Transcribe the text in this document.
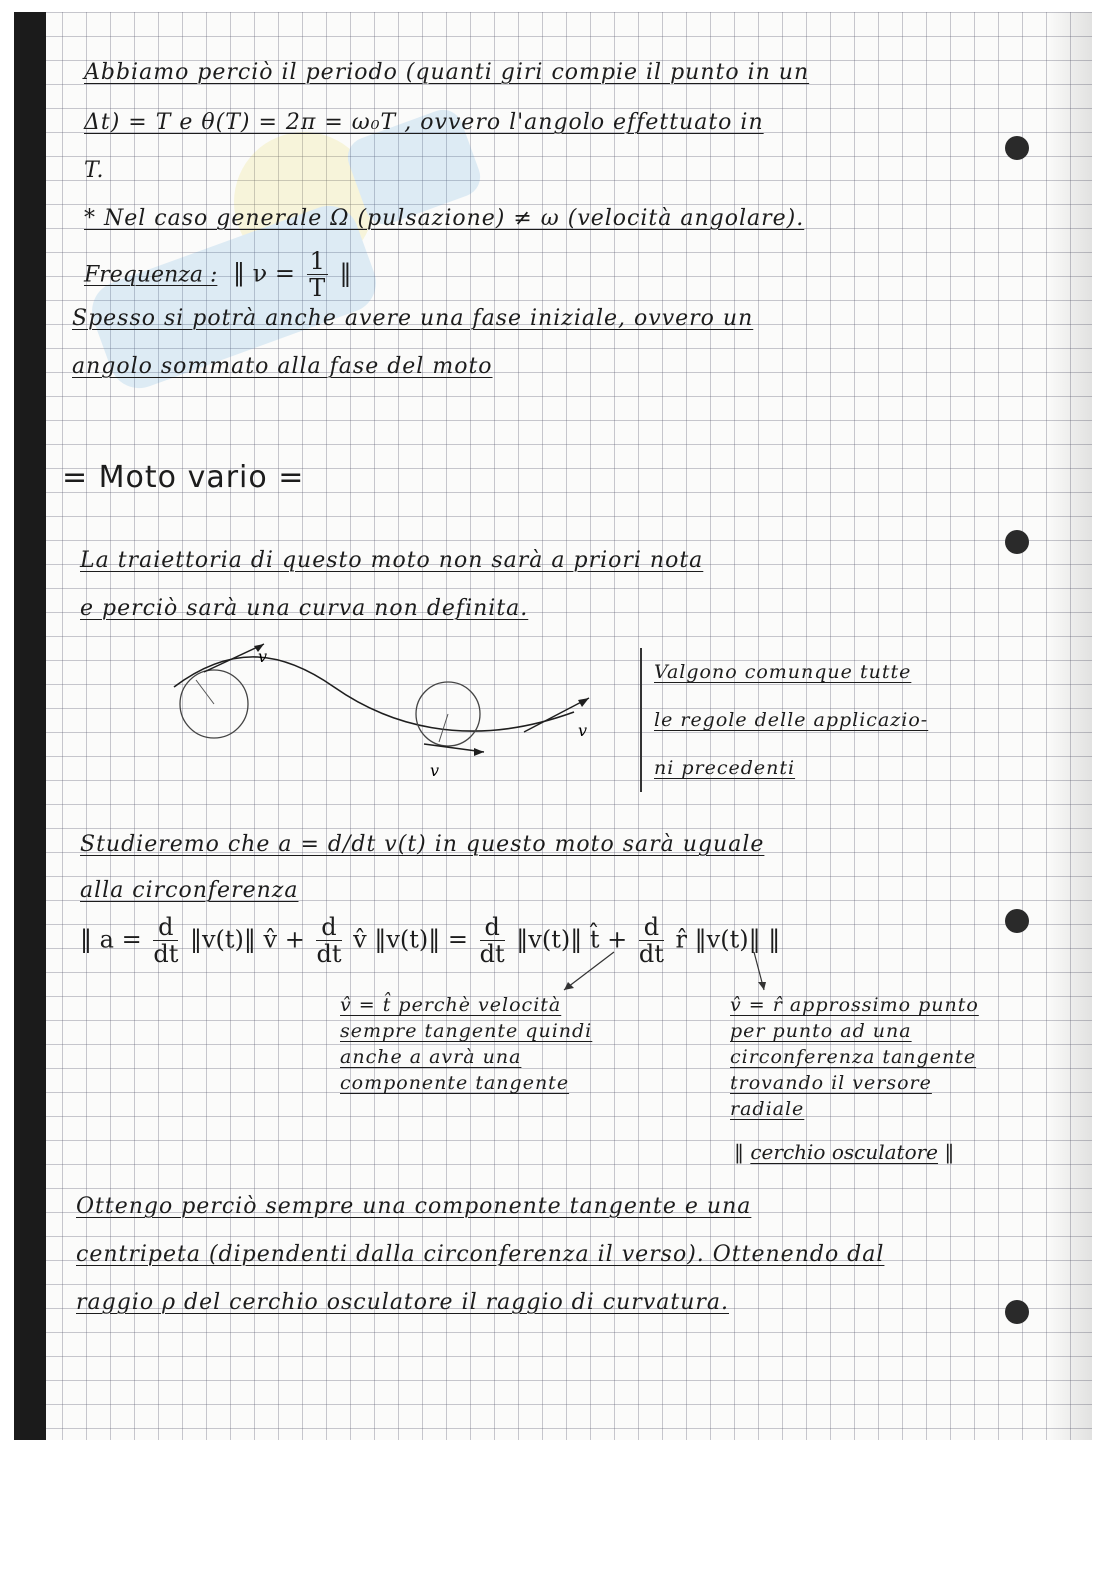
Abbiamo perciò il periodo (quanti giri compie il punto in un
Δt) = T e θ(T) = 2π = ω₀T , ovvero l'angolo effettuato in
T.
* Nel caso generale Ω (pulsazione) ≠ ω (velocità angolare).
Frequenza : ‖ $\nu = \frac{1}{T}$ ‖
Spesso si potrà anche avere una fase iniziale, ovvero un
angolo sommato alla fase del moto
= Moto vario =
La traiettoria di questo moto non sarà a priori nota
e perciò sarà una curva non definita.
v
v
v
Valgono comunque tutte
le regole delle applicazio-
ni precedenti
Studieremo che a = d/dt v(t) in questo moto sarà uguale
alla circonferenza
‖ $a = \frac{d}{dt}$ ‖v(t)‖ v̂ + $\frac{d}{dt}$ v̂ ‖v(t)‖ = $\frac{d}{dt}$ ‖v(t)‖ t̂ + $\frac{d}{dt}$ r̂ ‖v(t)‖ ‖
v̂ = t̂ perchè velocità
sempre tangente quindi
anche a avrà una
componente tangente
v̂ = r̂ approssimo punto
per punto ad una
circonferenza tangente
trovando il versore
radiale
‖ cerchio osculatore ‖
Ottengo perciò sempre una componente tangente e una
centripeta (dipendenti dalla circonferenza il verso). Ottenendo dal
raggio ρ del cerchio osculatore il raggio di curvatura.
